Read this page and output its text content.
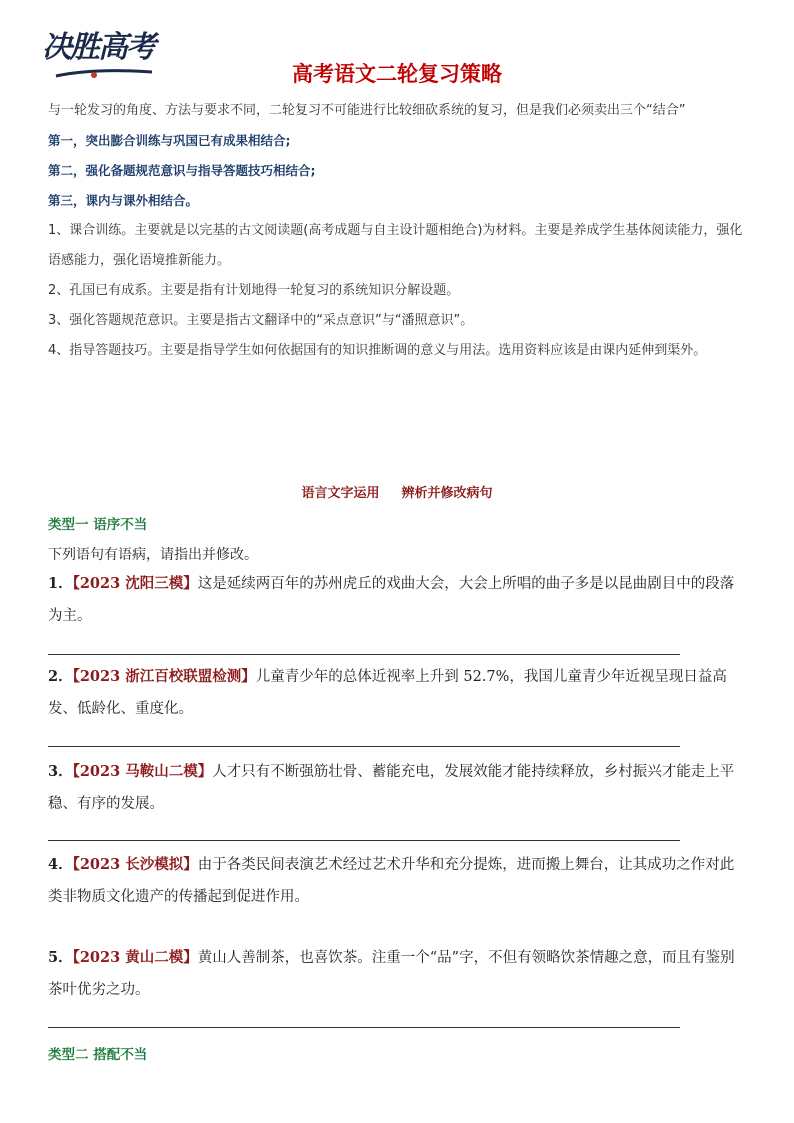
决胜高考
高考语文二轮复习策略

与一轮发习的角度、方法与要求不同，二轮复习不可能进行比较细砍系统的复习，但是我们必须卖出三个“结合”

第一，突出膨合训练与巩国已有成果相结合;

第二，强化备题规范意识与指导答题技巧相结合;

第三，课内与课外相结合。

1、课合训练。主要就是以完基的古文阅读题(高考成题与自主设计题相绝合)为材料。主要是养成学生基体阅读能力，强化语感能力，强化语境推新能力。

2、孔国已有成系。主要是指有计划地得一轮复习的系统知识分解设题。

3、强化答题规范意识。主要是指古文翻译中的“采点意识”与“潘照意识”。

4、指导答题技巧。主要是指导学生如何依据国有的知识推断调的意义与用法。选用资料应该是由课内延伸到渠外。

语言文字运用 辨析并修改病句
类型一 语序不当
下列语句有语病，请指出并修改。
1．【2023 沈阳三模】这是延续两百年的苏州虎丘的戏曲大会，大会上所唱的曲子多是以昆曲剧目中的段落为主。
2．【2023 浙江百校联盟检测】儿童青少年的总体近视率上升到 52.7%，我国儿童青少年近视呈现日益高发、低龄化、重度化。
3．【2023 马鞍山二模】人才只有不断强筋壮骨、蓄能充电，发展效能才能持续释放，乡村振兴才能走上平稳、有序的发展。
4．【2023 长沙模拟】由于各类民间表演艺术经过艺术升华和充分提炼，进而搬上舞台，让其成功之作对此类非物质文化遗产的传播起到促进作用。
5．【2023 黄山二模】黄山人善制茶，也喜饮茶。注重一个“品”字，不但有领略饮茶情趣之意，而且有鉴别茶叶优劣之功。
类型二 搭配不当
